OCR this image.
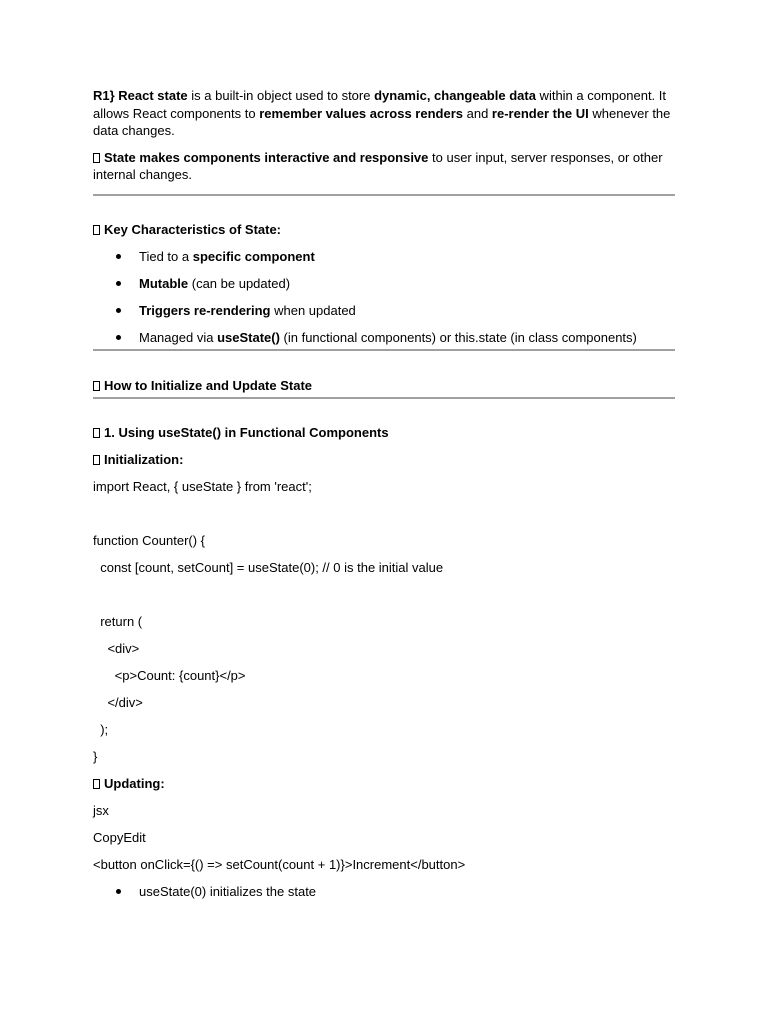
R1} React state is a built-in object used to store dynamic, changeable data within a component. It allows React components to remember values across renders and re-render the UI whenever the data changes.

State makes components interactive and responsive to user input, server responses, or other internal changes.

Key Characteristics of State:
Tied to a specific component
Mutable (can be updated)
Triggers re-rendering when updated
Managed via useState() (in functional components) or this.state (in class components)
How to Initialize and Update State
1. Using useState() in Functional Components
Initialization:
import React, { useState } from 'react';
function Counter() {
const [count, setCount] = useState(0); // 0 is the initial value
return (
<div>
<p>Count: {count}</p>
</div>
);
}
Updating:
jsx
CopyEdit
<button onClick={() => setCount(count + 1)}>Increment</button>
useState(0) initializes the state
